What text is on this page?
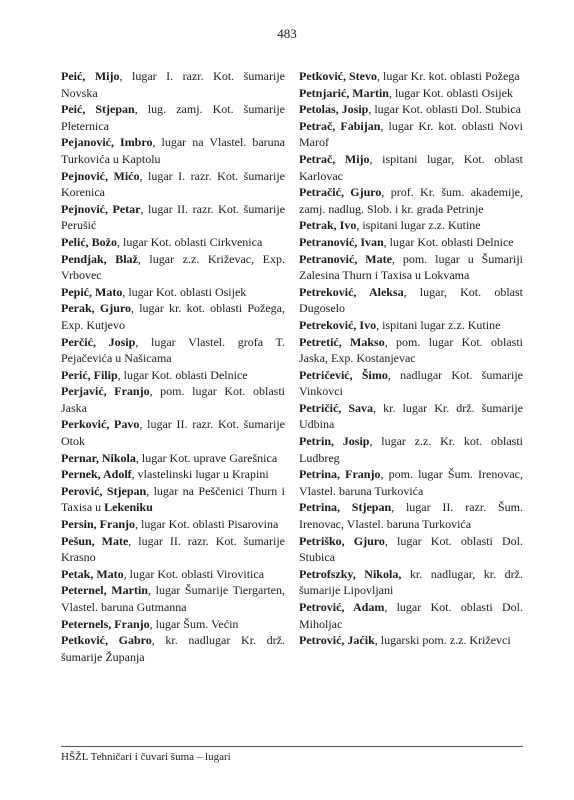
483

Peić, Mijo, lugar I. razr. Kot. šumarije Novska

Peić, Stjepan, lug. zamj. Kot. šumarije Pleternica

Pejanović, Imbro, lugar na Vlastel. baruna Turkovića u Kaptolu

Pejnović, Mićo, lugar I. razr. Kot. šumarije Korenica

Pejnović, Petar, lugar II. razr. Kot. šumarije Perušić

Pelić, Božo, lugar Kot. oblasti Cirkvenica

Pendjak, Blaž, lugar z.z. Križevac, Exp. Vrbovec

Pepić, Mato, lugar Kot. oblasti Osijek

Perak, Gjuro, lugar kr. kot. oblasti Požega, Exp. Kutjevo

Perčić, Josip, lugar Vlastel. grofa T. Pejačevića u Našicama

Perić, Filip, lugar Kot. oblasti Delnice

Perjavić, Franjo, pom. lugar Kot. oblasti Jaska

Perković, Pavo, lugar II. razr. Kot. šumarije Otok

Pernar, Nikola, lugar Kot. uprave Garešnica

Pernek, Adolf, vlastelinski lugar u Krapini

Perović, Stjepan, lugar na Peščenici Thurn i Taxisa u Lekeniku

Persin, Franjo, lugar Kot. oblasti Pisarovina

Pešun, Mate, lugar II. razr. Kot. šumarije Krasno

Petak, Mato, lugar Kot. oblasti Virovitica

Peternel, Martin, lugar Šumarije Tiergarten, Vlastel. baruna Gutmanna

Peternels, Franjo, lugar Šum. Većin

Petković, Gabro, kr. nadlugar Kr. drž. šumarije Županja

Petković, Stevo, lugar Kr. kot. oblasti Požega

Petnjarić, Martin, lugar Kot. oblasti Osijek

Petolas, Josip, lugar Kot. oblasti Dol. Stubica

Petrač, Fabijan, lugar Kr. kot. oblasti Novi Marof

Petrač, Mijo, ispitani lugar, Kot. oblast Karlovac

Petračić, Gjuro, prof. Kr. šum. akademije, zamj. nadlug. Slob. i kr. grada Petrinje

Petrak, Ivo, ispitani lugar z.z. Kutine

Petranović, Ivan, lugar Kot. oblasti Delnice

Petranović, Mate, pom. lugar u Šumariji Zalesina Thurn i Taxisa u Lokvama

Petreković, Aleksa, lugar, Kot. oblast Dugoselo

Petreković, Ivo, ispitani lugar z.z. Kutine

Petretić, Makso, pom. lugar Kot. oblasti Jaska, Exp. Kostanjevac

Petričević, Šimo, nadlugar Kot. šumarije Vinkovci

Petričić, Sava, kr. lugar Kr. drž. šumarije Udbina

Petrin, Josip, lugar z.z. Kr. kot. oblasti Ludbreg

Petrina, Franjo, pom. lugar Šum. Irenovac, Vlastel. baruna Turkovića

Petrina, Stjepan, lugar II. razr. Šum. Irenovac, Vlastel. baruna Turkovića

Petriško, Gjuro, lugar Kot. oblasti Dol. Stubica

Petrofszky, Nikola, kr. nadlugar, kr. drž. šumarije Lipovljani

Petrović, Adam, lugar Kot. oblasti Dol. Miholjac

Petrović, Jaćik, lugarski pom. z.z. Križevci

HŠŽL Tehničari i čuvari šuma – lugari
